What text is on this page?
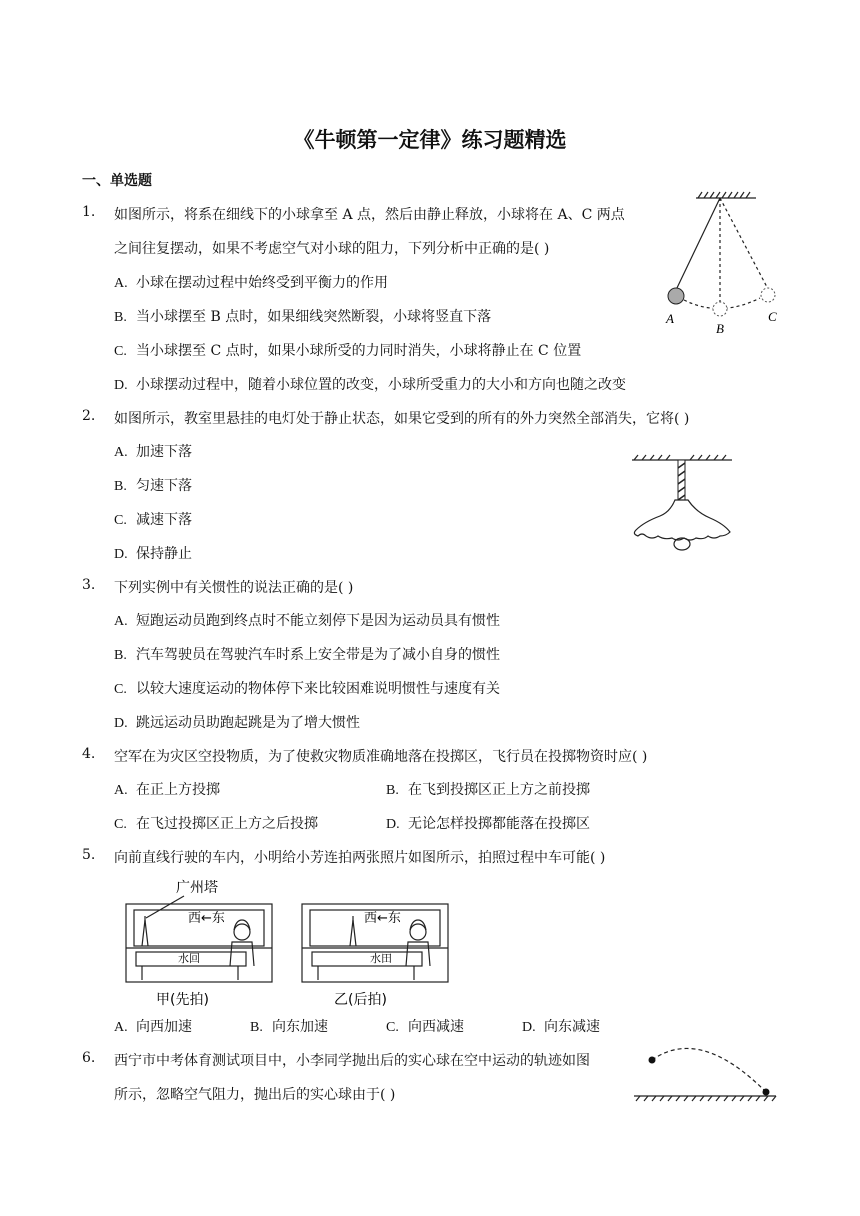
《牛顿第一定律》练习题精选
一、单选题
1. 如图所示，将系在细线下的小球拿至 A 点，然后由静止释放，小球将在 A、C 两点
之间往复摆动，如果不考虑空气对小球的阻力，下列分析中正确的是( )
A. 小球在摆动过程中始终受到平衡力的作用
B. 当小球摆至 B 点时，如果细线突然断裂，小球将竖直下落
C. 当小球摆至 C 点时，如果小球所受的力同时消失，小球将静止在 C 位置
D. 小球摆动过程中，随着小球位置的改变，小球所受重力的大小和方向也随之改变
A
B
C
2. 如图所示，教室里悬挂的电灯处于静止状态，如果它受到的所有的外力突然全部消失，它将( )
A. 加速下落
B. 匀速下落
C. 减速下落
D. 保持静止
3. 下列实例中有关惯性的说法正确的是( )
A. 短跑运动员跑到终点时不能立刻停下是因为运动员具有惯性
B. 汽车驾驶员在驾驶汽车时系上安全带是为了减小自身的惯性
C. 以较大速度运动的物体停下来比较困难说明惯性与速度有关
D. 跳远运动员助跑起跳是为了增大惯性
4. 空军在为灾区空投物质，为了使救灾物质准确地落在投掷区，飞行员在投掷物资时应( )
A. 在正上方投掷	B. 在飞到投掷区正上方之前投掷
C. 在飞过投掷区正上方之后投掷	D. 无论怎样投掷都能落在投掷区
5. 向前直线行驶的车内，小明给小芳连拍两张照片如图所示，拍照过程中车可能( )
广州塔
西←东
水回
甲(先拍)
西←东
水田
乙(后拍)
A. 向西加速	B. 向东加速	C. 向西减速	D. 向东减速
6. 西宁市中考体育测试项目中，小李同学抛出后的实心球在空中运动的轨迹如图
所示，忽略空气阻力，抛出后的实心球由于( )
